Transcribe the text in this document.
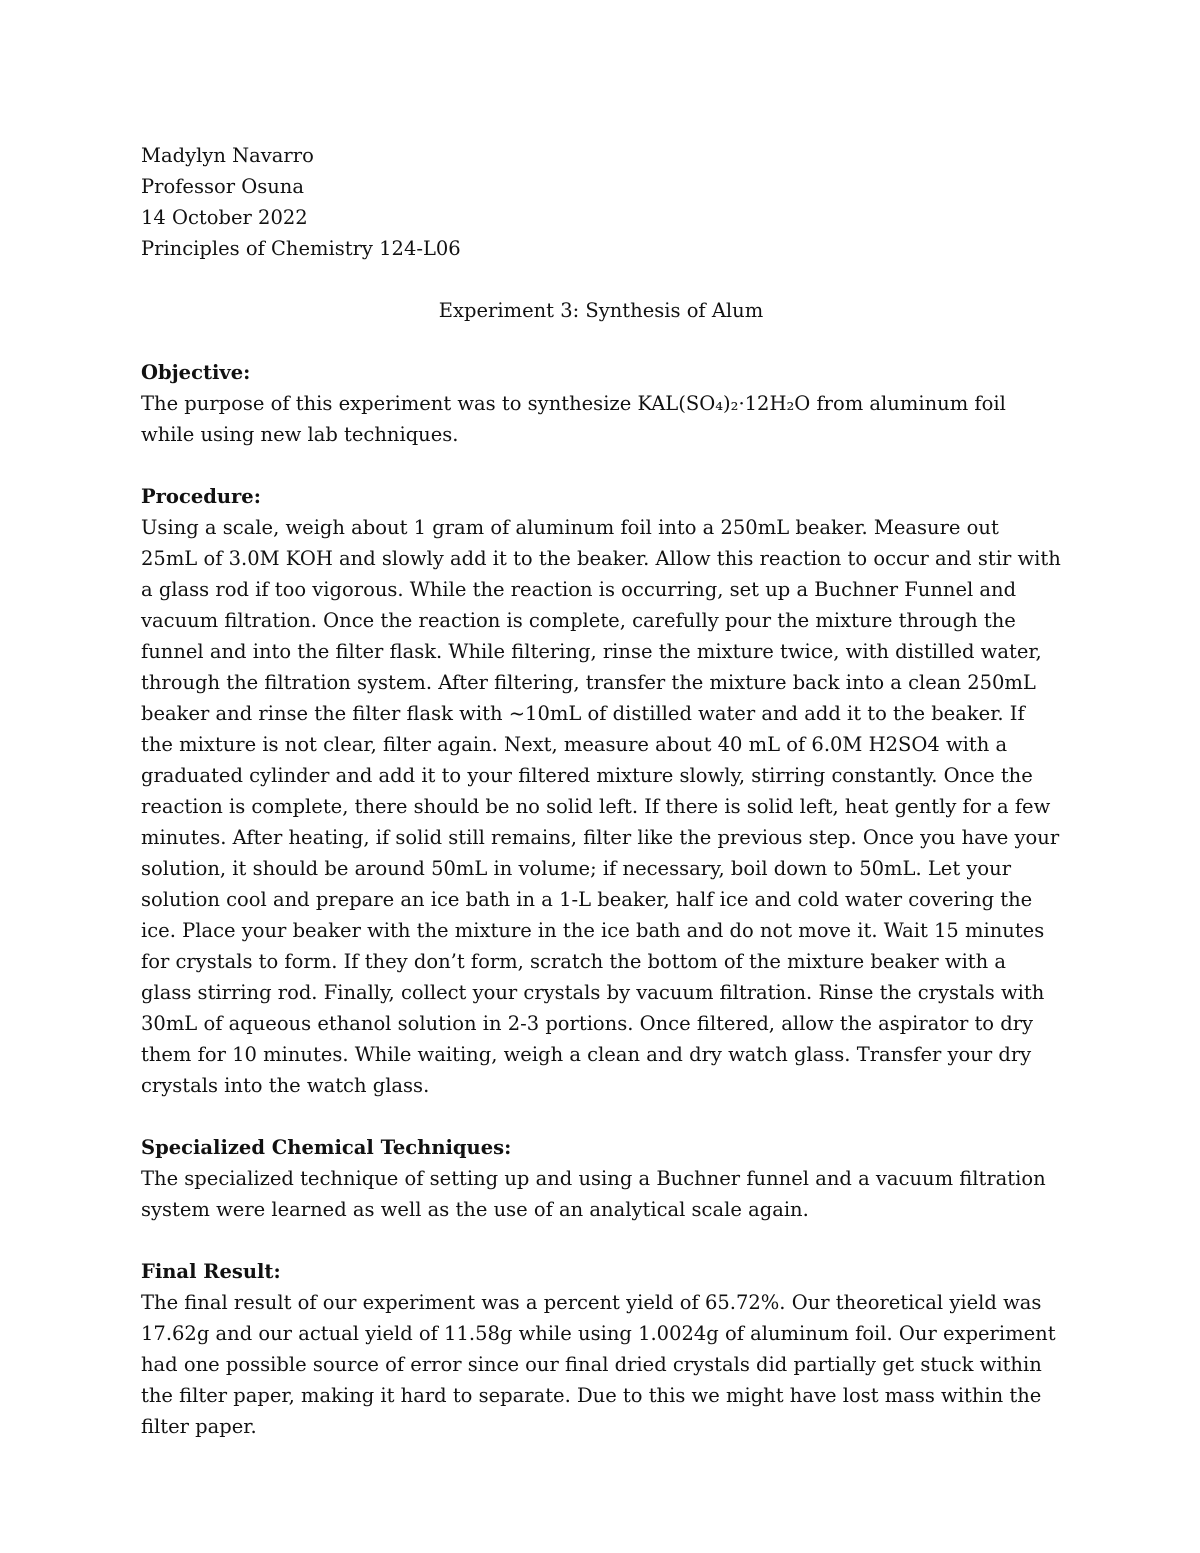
Madylyn Navarro
Professor Osuna
14 October 2022
Principles of Chemistry 124-L06
Experiment 3: Synthesis of Alum
Objective:

The purpose of this experiment was to synthesize KAL(SO₄)₂·12H₂O from aluminum foil while using new lab techniques.

Procedure:

Using a scale, weigh about 1 gram of aluminum foil into a 250mL beaker. Measure out 25mL of 3.0M KOH and slowly add it to the beaker. Allow this reaction to occur and stir with a glass rod if too vigorous. While the reaction is occurring, set up a Buchner Funnel and vacuum filtration. Once the reaction is complete, carefully pour the mixture through the funnel and into the filter flask. While filtering, rinse the mixture twice, with distilled water, through the filtration system. After filtering, transfer the mixture back into a clean 250mL beaker and rinse the filter flask with ~10mL of distilled water and add it to the beaker. If the mixture is not clear, filter again. Next, measure about 40 mL of 6.0M H2SO4 with a graduated cylinder and add it to your filtered mixture slowly, stirring constantly. Once the reaction is complete, there should be no solid left. If there is solid left, heat gently for a few minutes. After heating, if solid still remains, filter like the previous step. Once you have your solution, it should be around 50mL in volume; if necessary, boil down to 50mL. Let your solution cool and prepare an ice bath in a 1-L beaker, half ice and cold water covering the ice. Place your beaker with the mixture in the ice bath and do not move it. Wait 15 minutes for crystals to form. If they don’t form, scratch the bottom of the mixture beaker with a glass stirring rod. Finally, collect your crystals by vacuum filtration. Rinse the crystals with 30mL of aqueous ethanol solution in 2-3 portions. Once filtered, allow the aspirator to dry them for 10 minutes. While waiting, weigh a clean and dry watch glass. Transfer your dry crystals into the watch glass.

Specialized Chemical Techniques:

The specialized technique of setting up and using a Buchner funnel and a vacuum filtration system were learned as well as the use of an analytical scale again.

Final Result:

The final result of our experiment was a percent yield of 65.72%. Our theoretical yield was 17.62g and our actual yield of 11.58g while using 1.0024g of aluminum foil. Our experiment had one possible source of error since our final dried crystals did partially get stuck within the filter paper, making it hard to separate. Due to this we might have lost mass within the filter paper.
